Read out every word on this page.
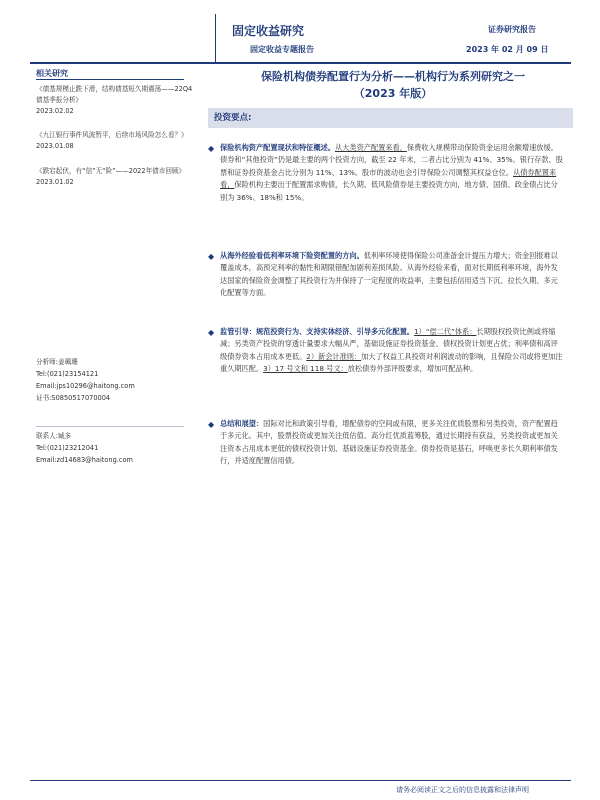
固定收益研究
固定收益专题报告
证券研究报告
2023 年 02 月 09 日
相关研究
《债基规模止跌下滑，结构债基短久期震荡——22Q4 债基季报分析》
2023.02.02
《九江银行事件风波暂平，后续市场风险怎么看？》
2023.01.08
《跌宕起伏，有“信”无“险”——2022年债市回顾》
2023.01.02
分析师:姜珮珊
Tel:(021)23154121
Email:jps10296@haitong.com
证书:S0850517070004
联系人:臧多
Tel:(021)23212041
Email:zd14683@haitong.com
保险机构债券配置行为分析——机构行为系列研究之一
（2023 年版）
投资要点:
◆ 保险机构资产配置现状和特征概述。从大类资产配置来看，保费收入规模带动保险资金运用余额增速放缓。债券和“其他投资”仍是最主要的两个投资方向，截至 22 年末，二者占比分别为 41%、35%。银行存款、股票和证券投资基金占比分别为 11%、13%。股市的波动也会引导保险公司调整其权益仓位。从债券配置来看，保险机构主要出于配置需求购债，长久期、低风险债券是主要投资方向，地方债、国债、政金债占比分别为 36%、18%和 15%。
◆ 从海外经验看低利率环境下险资配置的方向。低利率环境使得保险公司准备金计提压力增大；资金回报难以覆盖成本，高预定利率的黏性和期限错配加剧利差损风险。从海外经验来看，面对长期低利率环境，海外发达国家的保险资金调整了其投资行为并保持了一定程度的收益率，主要包括信用适当下沉、拉长久期、多元化配置等方面。
◆ 监管引导：规范投资行为、支持实体经济、引导多元化配置。1）“偿二代”体系：长期股权投资比例或将缩减；另类资产投资的穿透计量要求大幅从严，基础设施证券投资基金、债权投资计划更占优；利率债和高评级债券资本占用成本更低。2）新会计准则：加大了权益工具投资对利润波动的影响，且保险公司或将更加注重久期匹配。3）17 号文和 118 号文：放松债券外部评级要求，增加可配品种。
◆ 总结和展望：国际对比和政策引导看，增配债券的空间或有限，更多关注优质股票和另类投资，资产配置趋于多元化。其中，股票投资或更加关注低估值、高分红优质蓝筹股，通过长期持有获益，另类投资或更加关注资本占用成本更低的债权投资计划、基础设施证券投资基金。债券投资是基石，呼唤更多长久期利率债发行，并适度配置信用债。
请务必阅读正文之后的信息披露和法律声明
